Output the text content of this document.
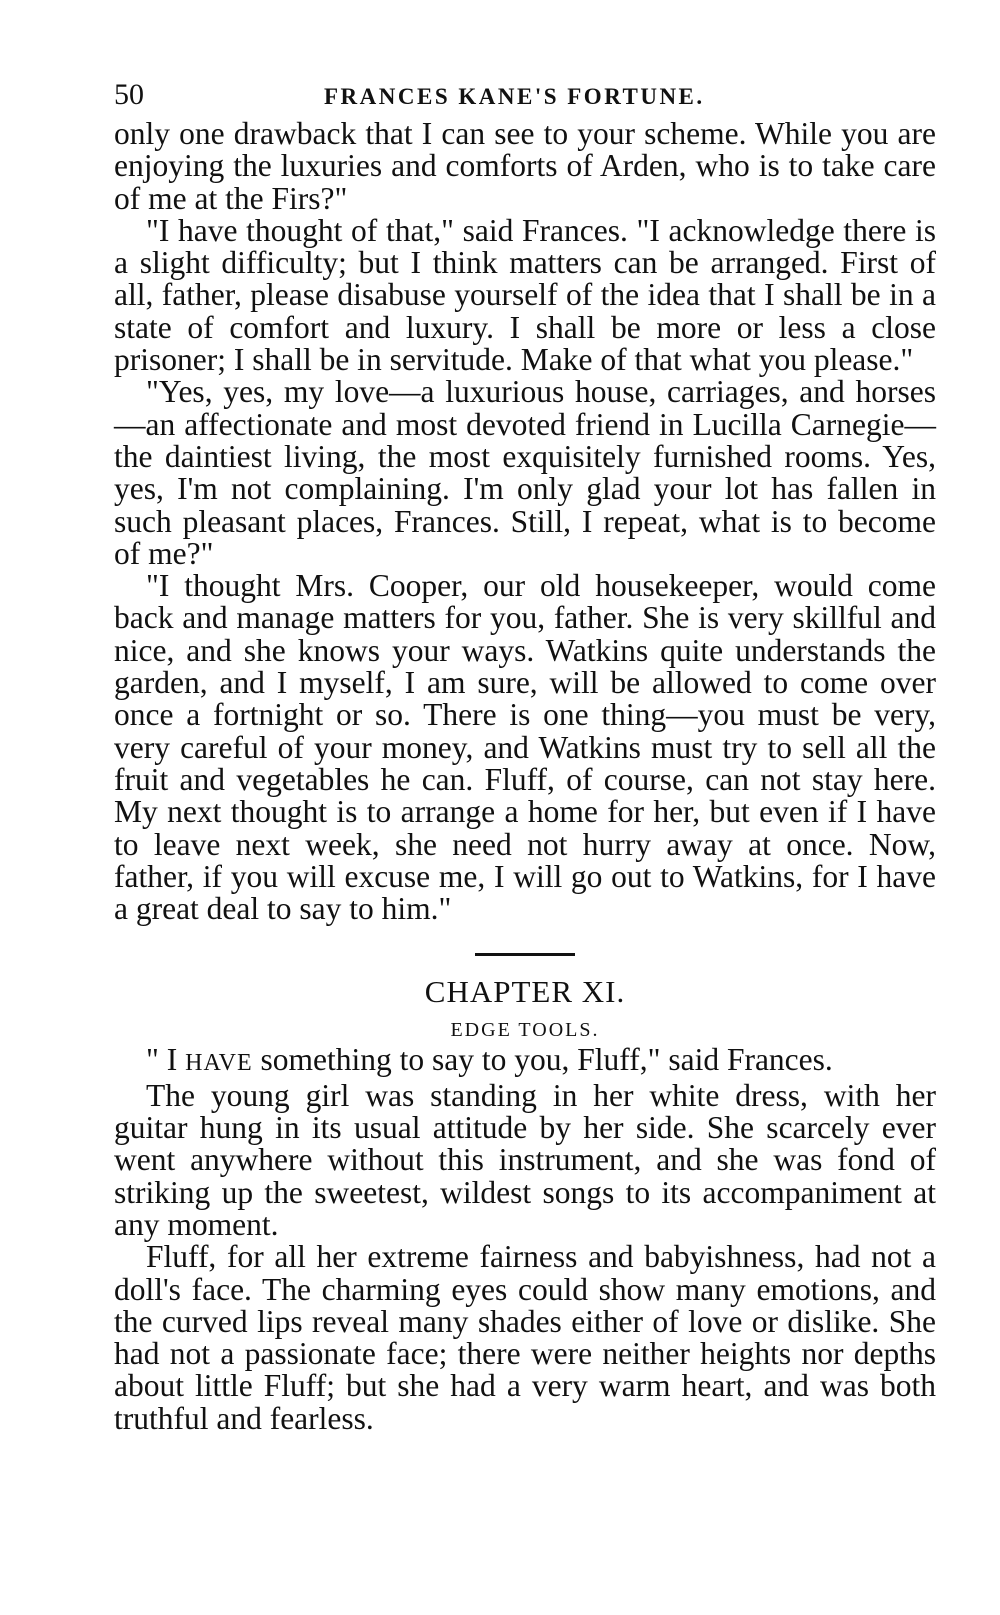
50	FRANCES KANE'S FORTUNE.

only one drawback that I can see to your scheme. While you are enjoying the luxuries and comforts of Arden, who is to take care of me at the Firs?"

"I have thought of that," said Frances. "I acknowledge there is a slight difficulty; but I think matters can be arranged. First of all, father, please disabuse yourself of the idea that I shall be in a state of comfort and luxury. I shall be more or less a close prisoner; I shall be in servitude. Make of that what you please."

"Yes, yes, my love—a luxurious house, carriages, and horses—an affectionate and most devoted friend in Lucilla Carnegie—the daintiest living, the most exquisitely furnished rooms. Yes, yes, I'm not complaining. I'm only glad your lot has fallen in such pleasant places, Frances. Still, I repeat, what is to become of me?"

"I thought Mrs. Cooper, our old housekeeper, would come back and manage matters for you, father. She is very skillful and nice, and she knows your ways. Watkins quite understands the garden, and I myself, I am sure, will be allowed to come over once a fortnight or so. There is one thing—you must be very, very careful of your money, and Watkins must try to sell all the fruit and vegetables he can. Fluff, of course, can not stay here. My next thought is to arrange a home for her, but even if I have to leave next week, she need not hurry away at once. Now, father, if you will excuse me, I will go out to Watkins, for I have a great deal to say to him."

CHAPTER XI.
EDGE TOOLS.

" I HAVE something to say to you, Fluff," said Frances.

The young girl was standing in her white dress, with her guitar hung in its usual attitude by her side. She scarcely ever went anywhere without this instrument, and she was fond of striking up the sweetest, wildest songs to its accompaniment at any moment.

Fluff, for all her extreme fairness and babyishness, had not a doll's face. The charming eyes could show many emotions, and the curved lips reveal many shades either of love or dislike. She had not a passionate face; there were neither heights nor depths about little Fluff; but she had a very warm heart, and was both truthful and fearless.
